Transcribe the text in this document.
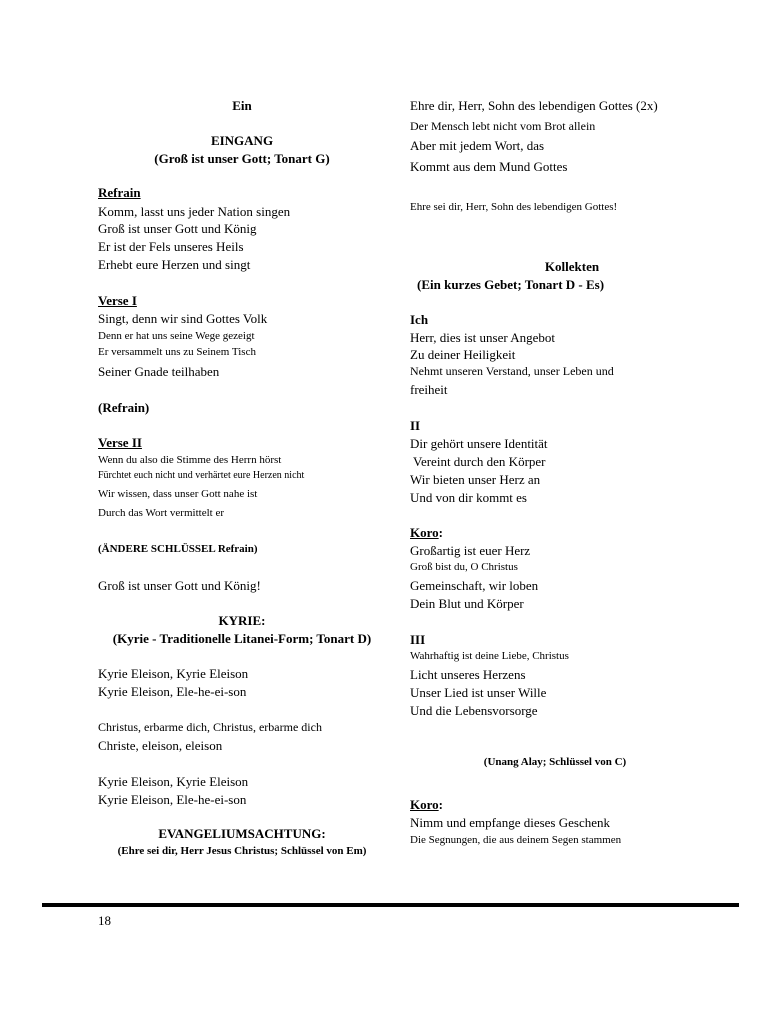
Ein
EINGANG
(Groß ist unser Gott; Tonart G)
Refrain
Komm, lasst uns jeder Nation singen
Groß ist unser Gott und König
Er ist der Fels unseres Heils
Erhebt eure Herzen und singt
Verse I
Singt, denn wir sind Gottes Volk
Denn er hat uns seine Wege gezeigt
Er versammelt uns zu Seinem Tisch
Seiner Gnade teilhaben
(Refrain)
Verse II
Wenn du also die Stimme des Herrn hörst
Fürchtet euch nicht und verhärtet eure Herzen nicht
Wir wissen, dass unser Gott nahe ist
Durch das Wort vermittelt er
(ÄNDERE SCHLÜSSEL Refrain)
Groß ist unser Gott und König!
KYRIE:
(Kyrie - Traditionelle Litanei-Form; Tonart D)
Kyrie Eleison, Kyrie Eleison
Kyrie Eleison, Ele-he-ei-son
Christus, erbarme dich, Christus, erbarme dich
Christe, eleison, eleison
Kyrie Eleison, Kyrie Eleison
Kyrie Eleison, Ele-he-ei-son
EVANGELIUMSACHTUNG:
(Ehre sei dir, Herr Jesus Christus; Schlüssel von Em)
Ehre dir, Herr, Sohn des lebendigen Gottes (2x)
Der Mensch lebt nicht vom Brot allein
Aber mit jedem Wort, das
Kommt aus dem Mund Gottes
Ehre sei dir, Herr, Sohn des lebendigen Gottes!
Kollekten
(Ein kurzes Gebet; Tonart D - Es)
Ich
Herr, dies ist unser Angebot
Zu deiner Heiligkeit
Nehmt unseren Verstand, unser Leben und
freiheit
II
Dir gehört unsere Identität
Vereint durch den Körper
Wir bieten unser Herz an
Und von dir kommt es
Koro:
Großartig ist euer Herz
Groß bist du, O Christus
Gemeinschaft, wir loben
Dein Blut und Körper
III
Wahrhaftig ist deine Liebe, Christus
Licht unseres Herzens
Unser Lied ist unser Wille
Und die Lebensvorsorge
(Unang Alay; Schlüssel von C)
Koro:
Nimm und empfange dieses Geschenk
Die Segnungen, die aus deinem Segen stammen
18
